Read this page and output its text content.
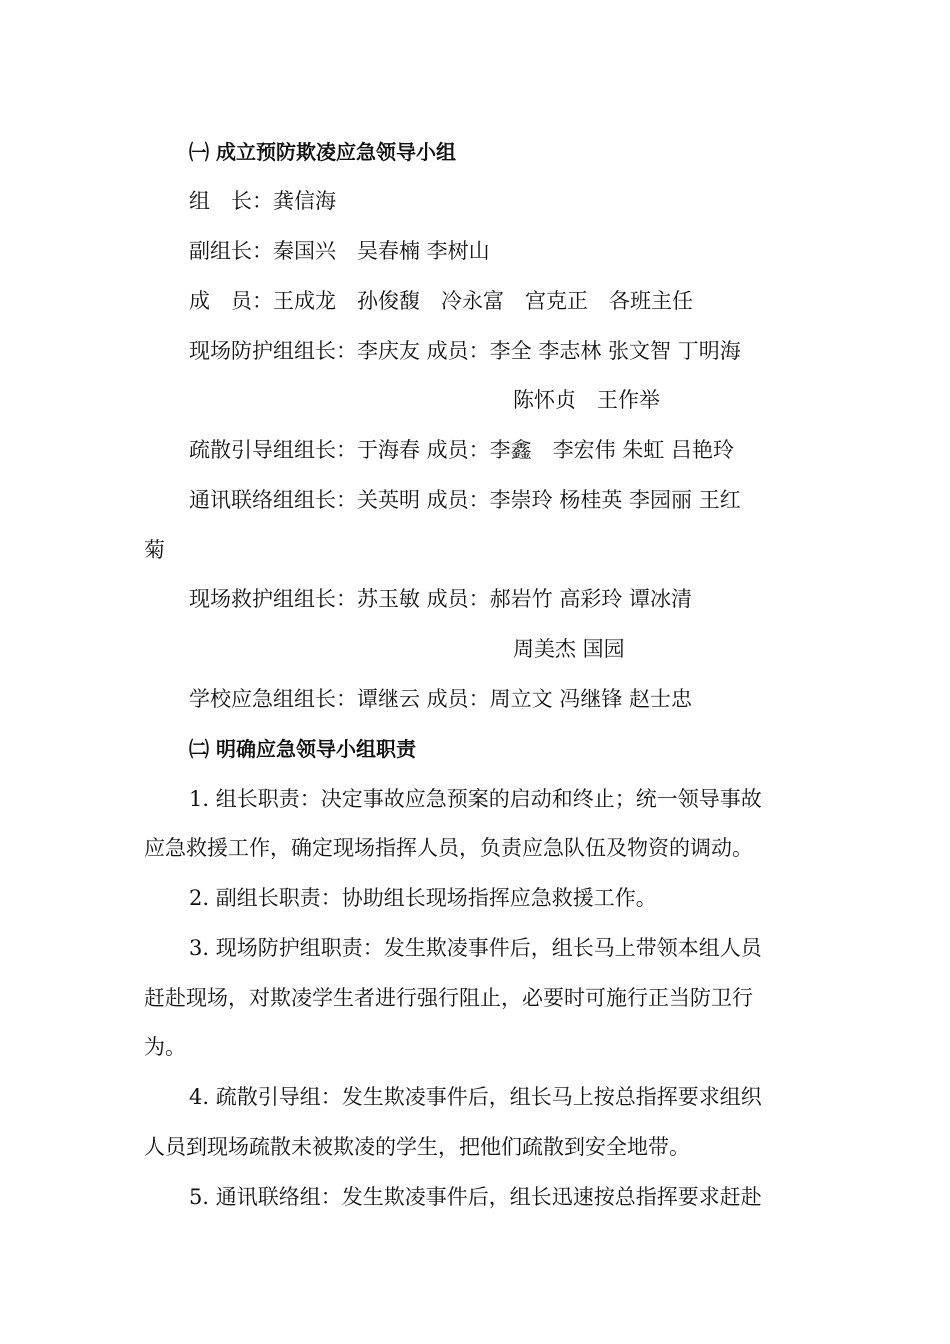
㈠ 成立预防欺凌应急领导小组
组　长：龚信海
副组长：秦国兴　吴春楠 李树山
成　员：王成龙　孙俊馥　冷永富　宫克正　各班主任
现场防护组组长：李庆友 成员：李全 李志林 张文智 丁明海
陈怀贞　王作举
疏散引导组组长：于海春 成员：李鑫　李宏伟 朱虹 吕艳玲
通讯联络组组长：关英明 成员：李崇玲 杨桂英 李园丽 王红
菊
现场救护组组长：苏玉敏 成员：郝岩竹 高彩玲 谭冰清
周美杰 国园
学校应急组组长：谭继云 成员：周立文 冯继锋 赵士忠
㈡ 明确应急领导小组职责
1. 组长职责：决定事故应急预案的启动和终止；统一领导事故
应急救援工作，确定现场指挥人员，负责应急队伍及物资的调动。
2. 副组长职责：协助组长现场指挥应急救援工作。
3. 现场防护组职责：发生欺凌事件后，组长马上带领本组人员
赶赴现场，对欺凌学生者进行强行阻止，必要时可施行正当防卫行
为。
4. 疏散引导组：发生欺凌事件后，组长马上按总指挥要求组织
人员到现场疏散未被欺凌的学生，把他们疏散到安全地带。
5. 通讯联络组：发生欺凌事件后，组长迅速按总指挥要求赶赴
